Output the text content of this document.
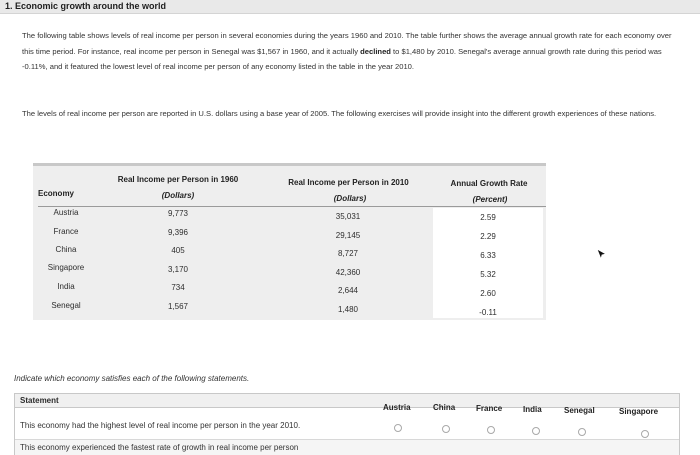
1. Economic growth around the world
The following table shows levels of real income per person in several economies during the years 1960 and 2010. The table further shows the average annual growth rate for each economy over this time period. For instance, real income per person in Senegal was $1,567 in 1960, and it actually declined to $1,480 by 2010. Senegal's average annual growth rate during this period was -0.11%, and it featured the lowest level of real income per person of any economy listed in the table in the year 2010.
The levels of real income per person are reported in U.S. dollars using a base year of 2005. The following exercises will provide insight into the different growth experiences of these nations.
Real Income per Person in 1960
(Dollars)
Economy
Real Income per Person in 2010
(Dollars)
Annual Growth Rate
(Percent)
Austria	9,773	35,031	2.59
France	9,396	29,145	2.29
China	405	8,727	6.33
Singapore	3,170	42,360	5.32
India	734	2,644	2.60
Senegal	1,567	1,480	-0.11
Indicate which economy satisfies each of the following statements.
Statement
Austria	China	France	India	Senegal	Singapore
This economy had the highest level of real income per person in the year 2010.
This economy experienced the fastest rate of growth in real income per person
